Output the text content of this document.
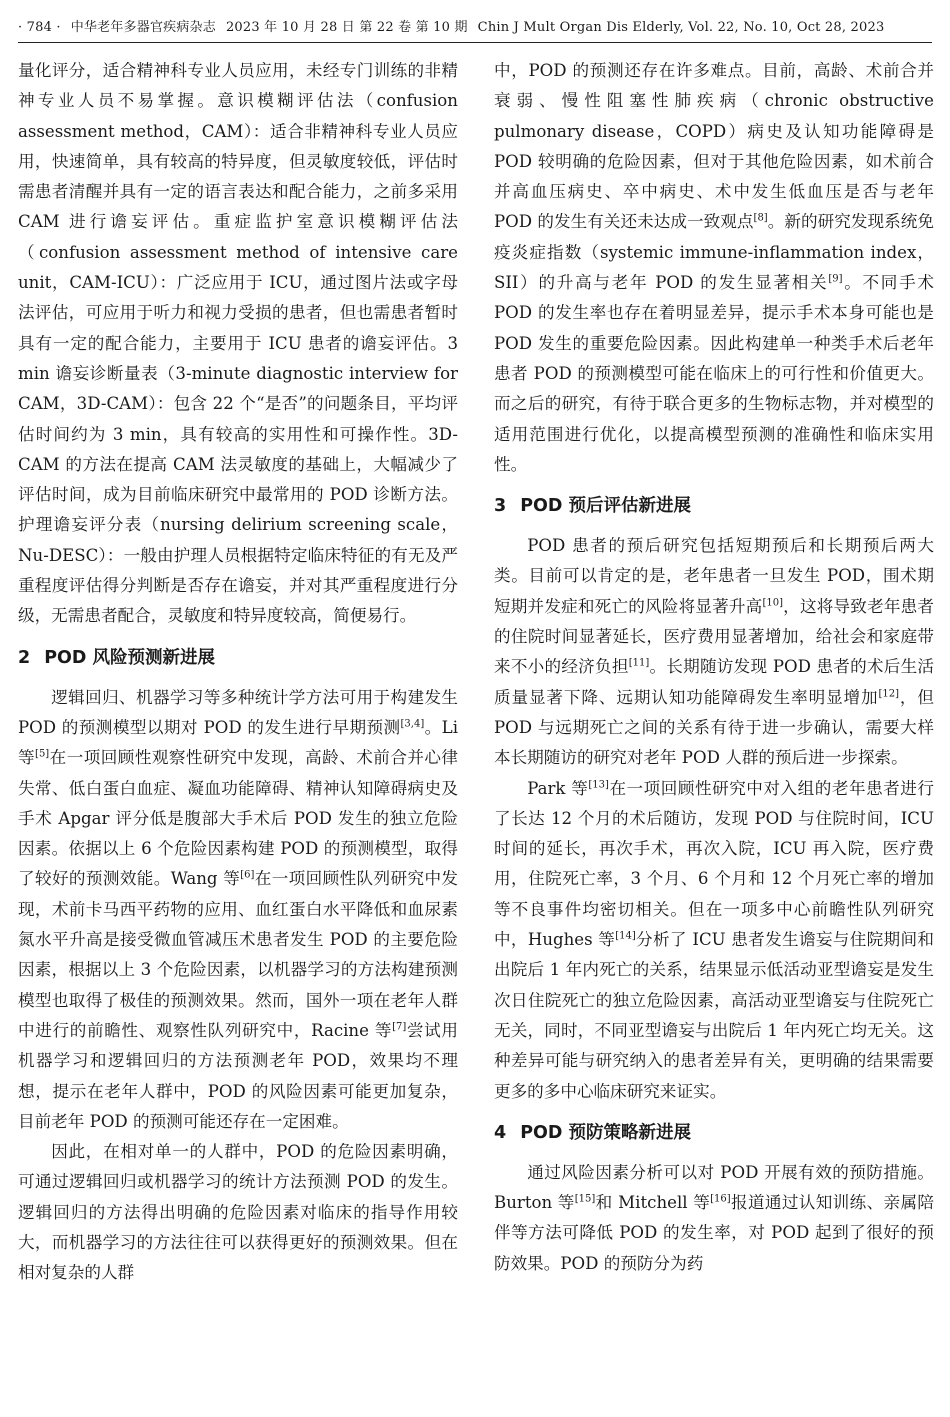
· 784 · 中华老年多器官疾病杂志 2023 年 10 月 28 日 第 22 卷 第 10 期 Chin J Mult Organ Dis Elderly, Vol. 22, No. 10, Oct 28, 2023

量化评分，适合精神科专业人员应用，未经专门训练的非精神专业人员不易掌握。意识模糊评估法（confusion assessment method，CAM）：适合非精神科专业人员应用，快速简单，具有较高的特异度，但灵敏度较低，评估时需患者清醒并具有一定的语言表达和配合能力，之前多采用 CAM 进行谵妄评估。重症监护室意识模糊评估法（confusion assessment method of intensive care unit，CAM-ICU）：广泛应用于 ICU，通过图片法或字母法评估，可应用于听力和视力受损的患者，但也需患者暂时具有一定的配合能力，主要用于 ICU 患者的谵妄评估。3 min 谵妄诊断量表（3-minute diagnostic interview for CAM，3D-CAM）：包含 22 个“是否”的问题条目，平均评估时间约为 3 min，具有较高的实用性和可操作性。3D-CAM 的方法在提高 CAM 法灵敏度的基础上，大幅减少了评估时间，成为目前临床研究中最常用的 POD 诊断方法。护理谵妄评分表（nursing delirium screening scale，Nu-DESC）：一般由护理人员根据特定临床特征的有无及严重程度评估得分判断是否存在谵妄，并对其严重程度进行分级，无需患者配合，灵敏度和特异度较高，简便易行。

2 POD 风险预测新进展

逻辑回归、机器学习等多种统计学方法可用于构建发生 POD 的预测模型以期对 POD 的发生进行早期预测[3,4]。Li 等[5]在一项回顾性观察性研究中发现，高龄、术前合并心律失常、低白蛋白血症、凝血功能障碍、精神认知障碍病史及手术 Apgar 评分低是腹部大手术后 POD 发生的独立危险因素。依据以上 6 个危险因素构建 POD 的预测模型，取得了较好的预测效能。Wang 等[6]在一项回顾性队列研究中发现，术前卡马西平药物的应用、血红蛋白水平降低和血尿素氮水平升高是接受微血管减压术患者发生 POD 的主要危险因素，根据以上 3 个危险因素，以机器学习的方法构建预测模型也取得了极佳的预测效果。然而，国外一项在老年人群中进行的前瞻性、观察性队列研究中，Racine 等[7]尝试用机器学习和逻辑回归的方法预测老年 POD，效果均不理想，提示在老年人群中，POD 的风险因素可能更加复杂，目前老年 POD 的预测可能还存在一定困难。

因此，在相对单一的人群中，POD 的危险因素明确，可通过逻辑回归或机器学习的统计方法预测 POD 的发生。逻辑回归的方法得出明确的危险因素对临床的指导作用较大，而机器学习的方法往往可以获得更好的预测效果。但在相对复杂的人群

中，POD 的预测还存在许多难点。目前，高龄、术前合并衰弱、慢性阻塞性肺疾病（chronic obstructive pulmonary disease，COPD）病史及认知功能障碍是 POD 较明确的危险因素，但对于其他危险因素，如术前合并高血压病史、卒中病史、术中发生低血压是否与老年 POD 的发生有关还未达成一致观点[8]。新的研究发现系统免疫炎症指数（systemic immune-inflammation index，SII）的升高与老年 POD 的发生显著相关[9]。不同手术 POD 的发生率也存在着明显差异，提示手术本身可能也是 POD 发生的重要危险因素。因此构建单一种类手术后老年患者 POD 的预测模型可能在临床上的可行性和价值更大。而之后的研究，有待于联合更多的生物标志物，并对模型的适用范围进行优化，以提高模型预测的准确性和临床实用性。

3 POD 预后评估新进展

POD 患者的预后研究包括短期预后和长期预后两大类。目前可以肯定的是，老年患者一旦发生 POD，围术期短期并发症和死亡的风险将显著升高[10]，这将导致老年患者的住院时间显著延长，医疗费用显著增加，给社会和家庭带来不小的经济负担[11]。长期随访发现 POD 患者的术后生活质量显著下降、远期认知功能障碍发生率明显增加[12]，但 POD 与远期死亡之间的关系有待于进一步确认，需要大样本长期随访的研究对老年 POD 人群的预后进一步探索。

Park 等[13]在一项回顾性研究中对入组的老年患者进行了长达 12 个月的术后随访，发现 POD 与住院时间，ICU 时间的延长，再次手术，再次入院，ICU 再入院，医疗费用，住院死亡率，3 个月、6 个月和 12 个月死亡率的增加等不良事件均密切相关。但在一项多中心前瞻性队列研究中，Hughes 等[14]分析了 ICU 患者发生谵妄与住院期间和出院后 1 年内死亡的关系，结果显示低活动亚型谵妄是发生次日住院死亡的独立危险因素，高活动亚型谵妄与住院死亡无关，同时，不同亚型谵妄与出院后 1 年内死亡均无关。这种差异可能与研究纳入的患者差异有关，更明确的结果需要更多的多中心临床研究来证实。

4 POD 预防策略新进展

通过风险因素分析可以对 POD 开展有效的预防措施。Burton 等[15]和 Mitchell 等[16]报道通过认知训练、亲属陪伴等方法可降低 POD 的发生率，对 POD 起到了很好的预防效果。POD 的预防分为药
